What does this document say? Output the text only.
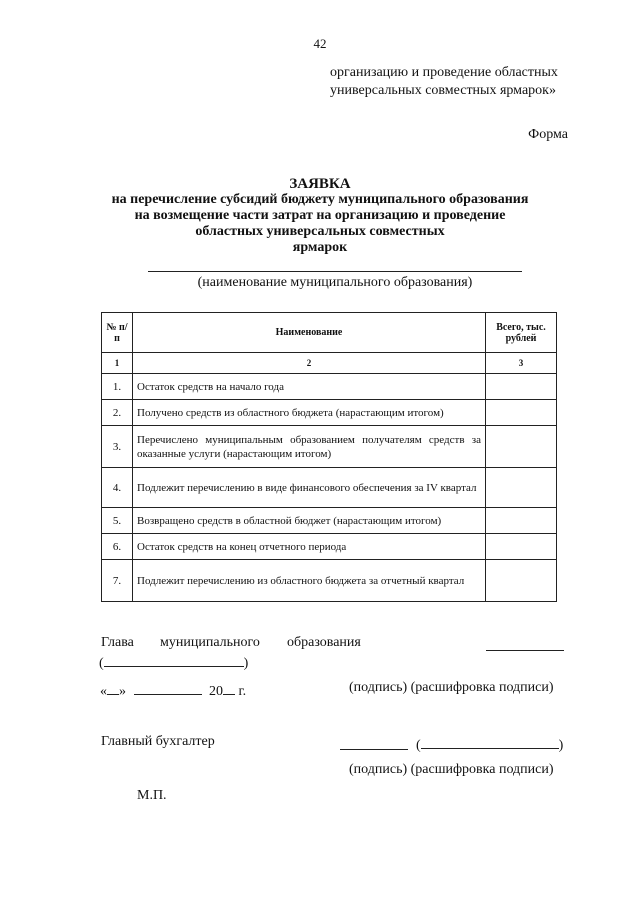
42
организацию и проведение областных
универсальных совместных ярмарок»
Форма
ЗАЯВКА
на перечисление субсидий бюджету муниципального образования
на возмещение части затрат на организацию и проведение
областных универсальных совместных
ярмарок
(наименование муниципального образования)
№ п/п	Наименование	Всего, тыс. рублей
1	2	3
1.	Остаток средств на начало года	
2.	Получено средств из областного бюджета (нарастающим итогом)	
3.	Перечислено муниципальным образованием получателям средств за оказанные услуги (нарастающим итогом)	
4.	Подлежит перечислению в виде финансового обеспечения за IV квартал	
5.	Возвращено средств в областной бюджет (нарастающим итогом)	
6.	Остаток средств на конец отчетного периода	
7.	Подлежит перечислению из областного бюджета за отчетный квартал	
Глава муниципального образования
(	)
« »	20 г.	(подпись) (расшифровка подписи)
Главный бухгалтер	(	)
(подпись) (расшифровка подписи)
М.П.
